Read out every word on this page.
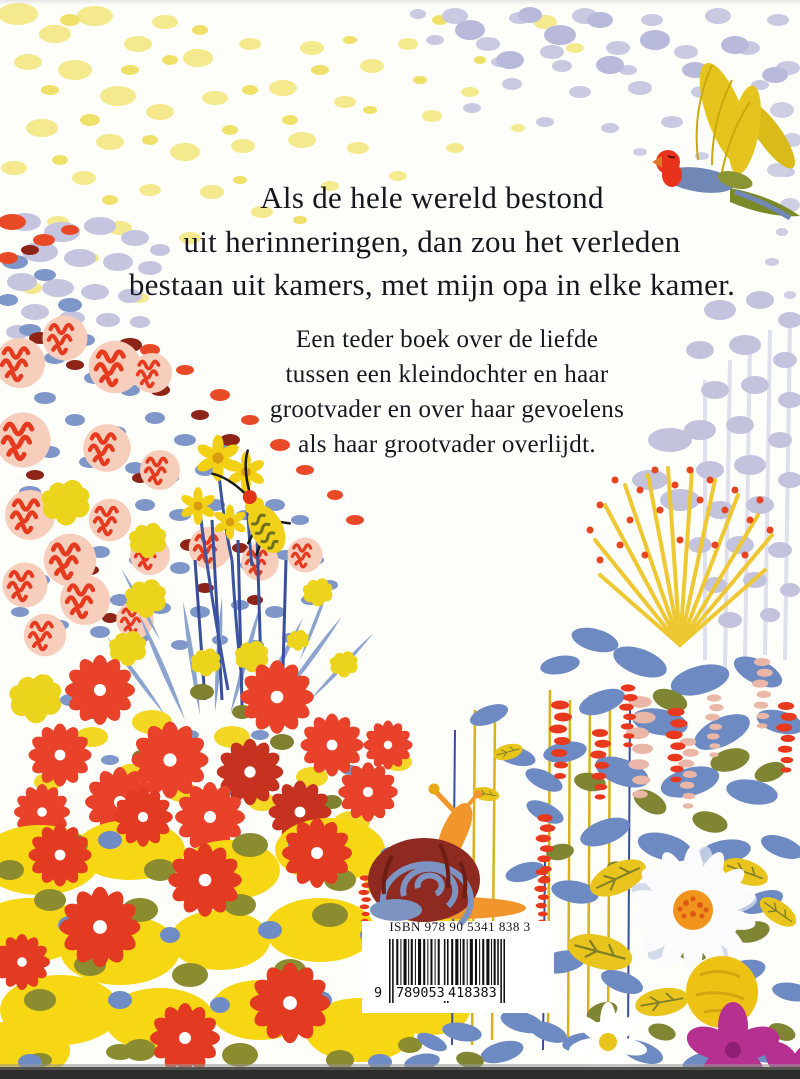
Als de hele wereld bestond
uit herinneringen, dan zou het verleden
bestaan uit kamers, met mijn opa in elke kamer.
Een teder boek over de liefde
tussen een kleindochter en haar
grootvader en over haar gevoelens
als haar grootvader overlijdt.
ISBN 978 90 5341 838 3
9 789053 418383
